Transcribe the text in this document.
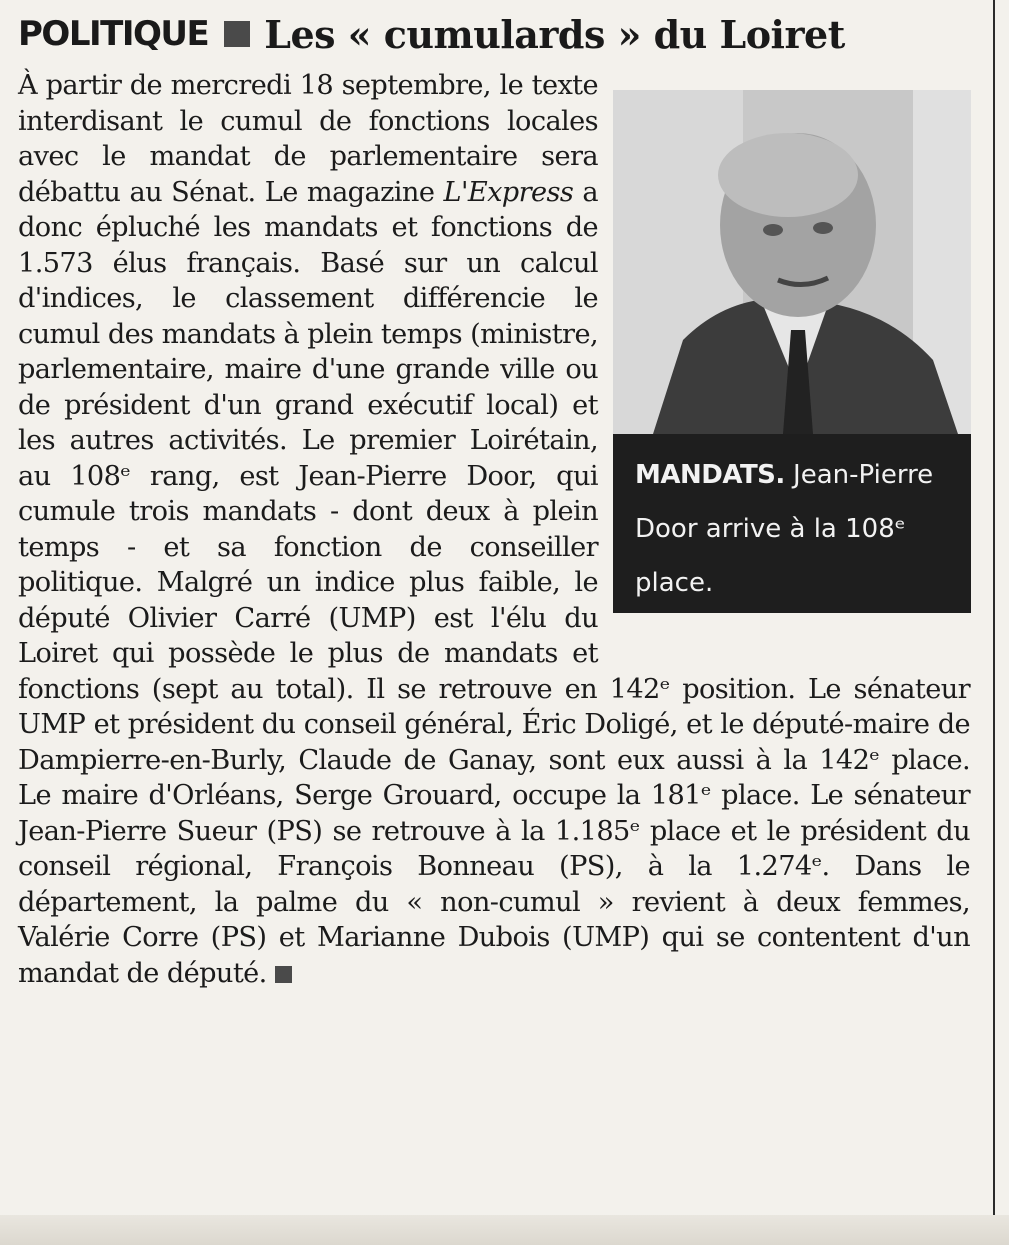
POLITIQUE Les « cumulards » du Loiret
MANDATS. Jean-Pierre Door arrive à la 108ᵉ place.
À partir de mercredi 18 septembre, le texte interdisant le cumul de fonctions locales avec le mandat de parlementaire sera débattu au Sénat. Le magazine L'Express a donc épluché les mandats et fonctions de 1.573 élus français. Basé sur un calcul d'indices, le classement différencie le cumul des mandats à plein temps (ministre, parlementaire, maire d'une grande ville ou de président d'un grand exécutif local) et les autres activités. Le premier Loirétain, au 108ᵉ rang, est Jean-Pierre Door, qui cumule trois mandats - dont deux à plein temps - et sa fonction de conseiller politique. Malgré un indice plus faible, le député Olivier Carré (UMP) est l'élu du Loiret qui possède le plus de mandats et fonctions (sept au total). Il se retrouve en 142ᵉ position. Le sénateur UMP et président du conseil général, Éric Doligé, et le député-maire de Dampierre-en-Burly, Claude de Ganay, sont eux aussi à la 142ᵉ place. Le maire d'Orléans, Serge Grouard, occupe la 181ᵉ place. Le sénateur Jean-Pierre Sueur (PS) se retrouve à la 1.185ᵉ place et le président du conseil régional, François Bonneau (PS), à la 1.274ᵉ. Dans le département, la palme du « non-cumul » revient à deux femmes, Valérie Corre (PS) et Marianne Dubois (UMP) qui se contentent d'un mandat de député.
